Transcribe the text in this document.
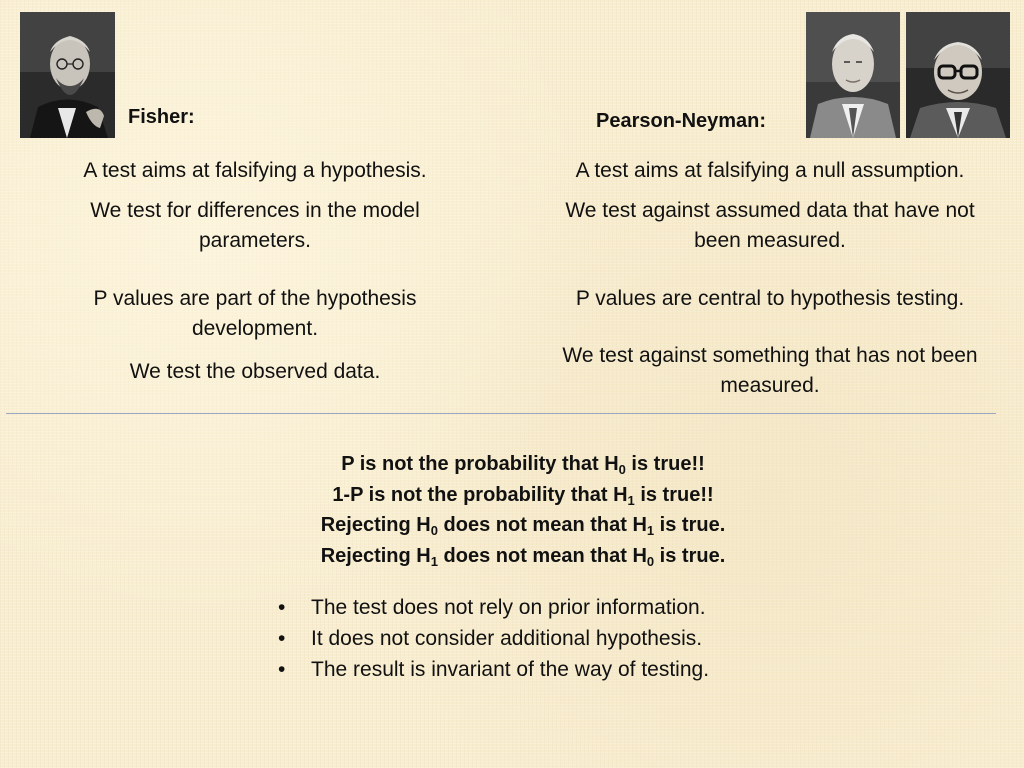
Fisher:	Pearson-Neyman:
A test aims at falsifying a hypothesis.
We test for differences in the model parameters.
P values are part of the hypothesis development.
We test the observed data.
A test aims at falsifying a null assumption.
We test against assumed data that have not been measured.
P values are central to hypothesis testing.
We test against something that has not been measured.
P is not the probability that $H_0$ is true!!
1-P is not the probability that $H_1$ is true!!
Rejecting $H_0$ does not mean that $H_1$ is true.
Rejecting $H_1$ does not mean that $H_0$ is true.
• The test does not rely on prior information.
• It does not consider additional hypothesis.
• The result is invariant of the way of testing.
